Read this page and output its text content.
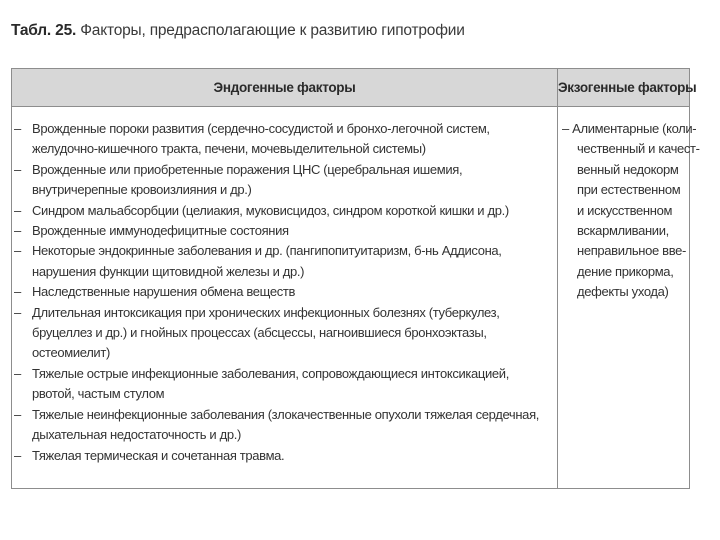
Табл. 25. Факторы, предрасполагающие к развитию гипотрофии
Эндогенные факторы	Экзогенные факторы
– Врожденные пороки развития (сердечно-сосудистой и бронхо-легочной систем, желудочно-кишечного тракта, печени, мочевыделительной системы)
– Врожденные или приобретенные поражения ЦНС (церебральная ишемия, внутричерепные кровоизлияния и др.)
– Синдром мальабсорбции (целиакия, муковисцидоз, синдром короткой кишки и др.)
– Врожденные иммунодефицитные состояния
– Некоторые эндокринные заболевания и др. (пангипопитуитаризм, б-нь Аддисона, нарушения функции щитовидной железы и др.)
– Наследственные нарушения обмена веществ
– Длительная интоксикация при хронических инфекционных болезнях (туберкулез, бруцеллез и др.) и гнойных процессах (абсцессы, нагноившиеся бронхоэктазы, остеомиелит)
– Тяжелые острые инфекционные заболевания, сопровождающиеся интоксикацией, рвотой, частым стулом
– Тяжелые неинфекционные заболевания (злокачественные опухоли тяжелая сердечная, дыхательная недостаточность и др.)
– Тяжелая термическая и сочетанная травма.
– Алиментарные (коли-
чественный и качест-
венный недокорм
при естественном
и искусственном
вскармливании,
неправильное вве-
дение прикорма,
дефекты ухода)
